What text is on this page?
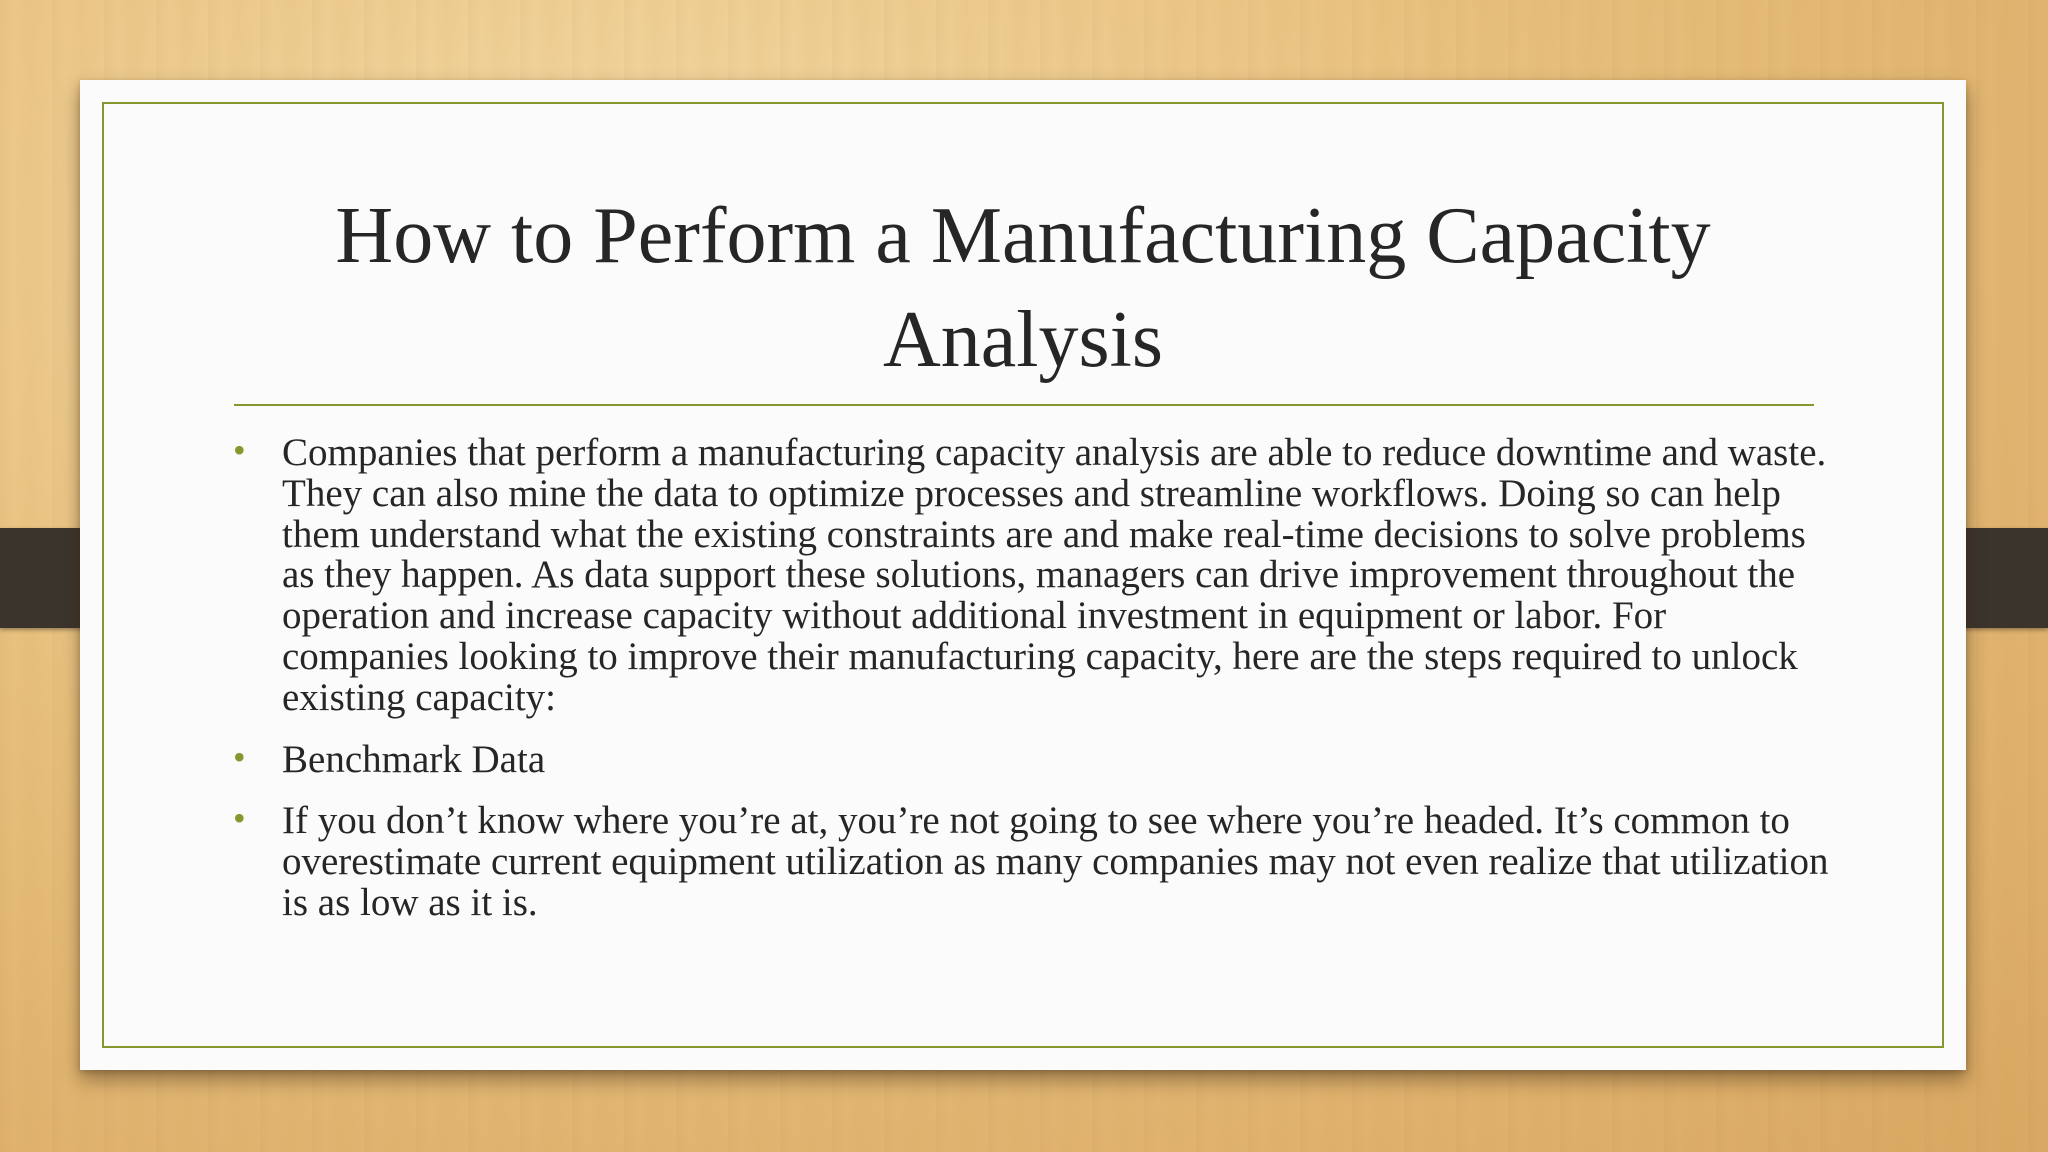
How to Perform a Manufacturing Capacity Analysis
• Companies that perform a manufacturing capacity analysis are able to reduce downtime and waste. They can also mine the data to optimize processes and streamline workflows. Doing so can help them understand what the existing constraints are and make real-time decisions to solve problems as they happen. As data support these solutions, managers can drive improvement throughout the operation and increase capacity without additional investment in equipment or labor. For companies looking to improve their manufacturing capacity, here are the steps required to unlock existing capacity:
• Benchmark Data
• If you don’t know where you’re at, you’re not going to see where you’re headed. It’s common to overestimate current equipment utilization as many companies may not even realize that utilization is as low as it is.
